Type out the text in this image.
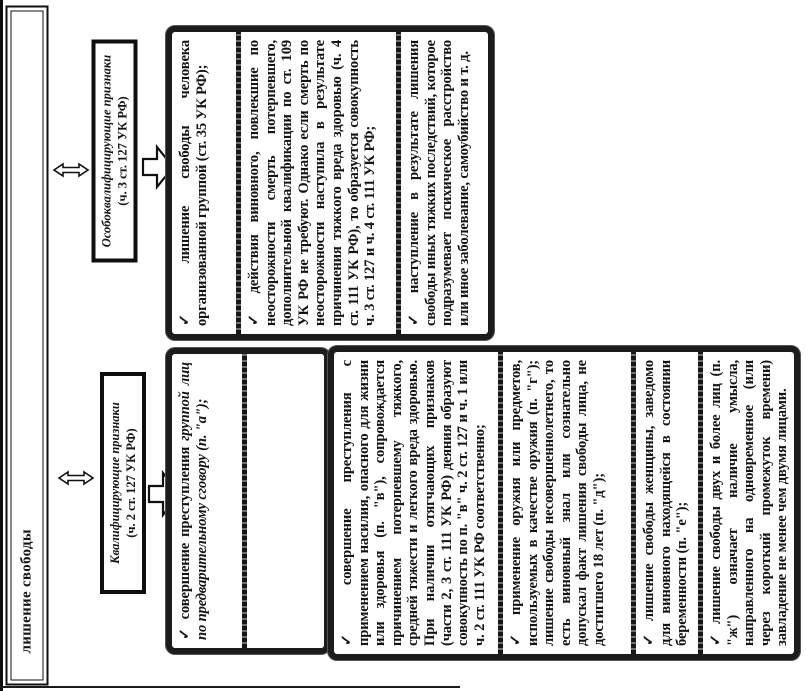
лишение свободы
Особоквалифицирующие признаки (ч. 3 ст. 127 УК РФ)
Квалифицирующие признаки (ч. 2 ст. 127 УК РФ)

✓ лишение свободы человека организованной группой (ст. 35 УК РФ); ✓ действия виновного, повлекшие по неосторожности смерть потерпевшего, дополнительной квалификации по ст. 109 УК РФ не требуют. Однако если смерть по неосторожности наступила в результате причинения тяжкого вреда здоровью (ч. 4 ст. 111 УК РФ), то образуется совокупность ч. 3 ст. 127 и ч. 4 ст. 111 УК РФ; ✓ наступление в результате лишения свободы иных тяжких последствий, которое подразумевает психическое расстройство или иное заболевание, самоубийство и т. д.

✓ совершение преступления группой лиц по предварительному сговору (п. "а");	✓ совершение преступления с применением насилия, опасного для жизни или здоровья (п. "в"), сопровождается причинением потерпевшему тяжкого, средней тяжести и легкого вреда здоровью. При наличии отягчающих признаков (части 2, 3 ст. 111 УК РФ) деяния образуют совокупность по п. "в" ч. 2 ст. 127 и ч. 1 или ч. 2 ст. 111 УК РФ соответственно; ✓ применение оружия или предметов, используемых в качестве оружия (п. "г"); лишение свободы несовершеннолетнего, то есть виновный знал или сознательно допускал факт лишения свободы лица, не достигшего 18 лет (п. "д"); ✓ лишение свободы женщины, заведомо для виновного находящейся в состоянии беременности (п. "е"); ✓ лишение свободы двух и более лиц (п. "ж") означает наличие умысла, направленного на одновременное (или через короткий промежуток времени) завладение не менее чем двумя лицами.
